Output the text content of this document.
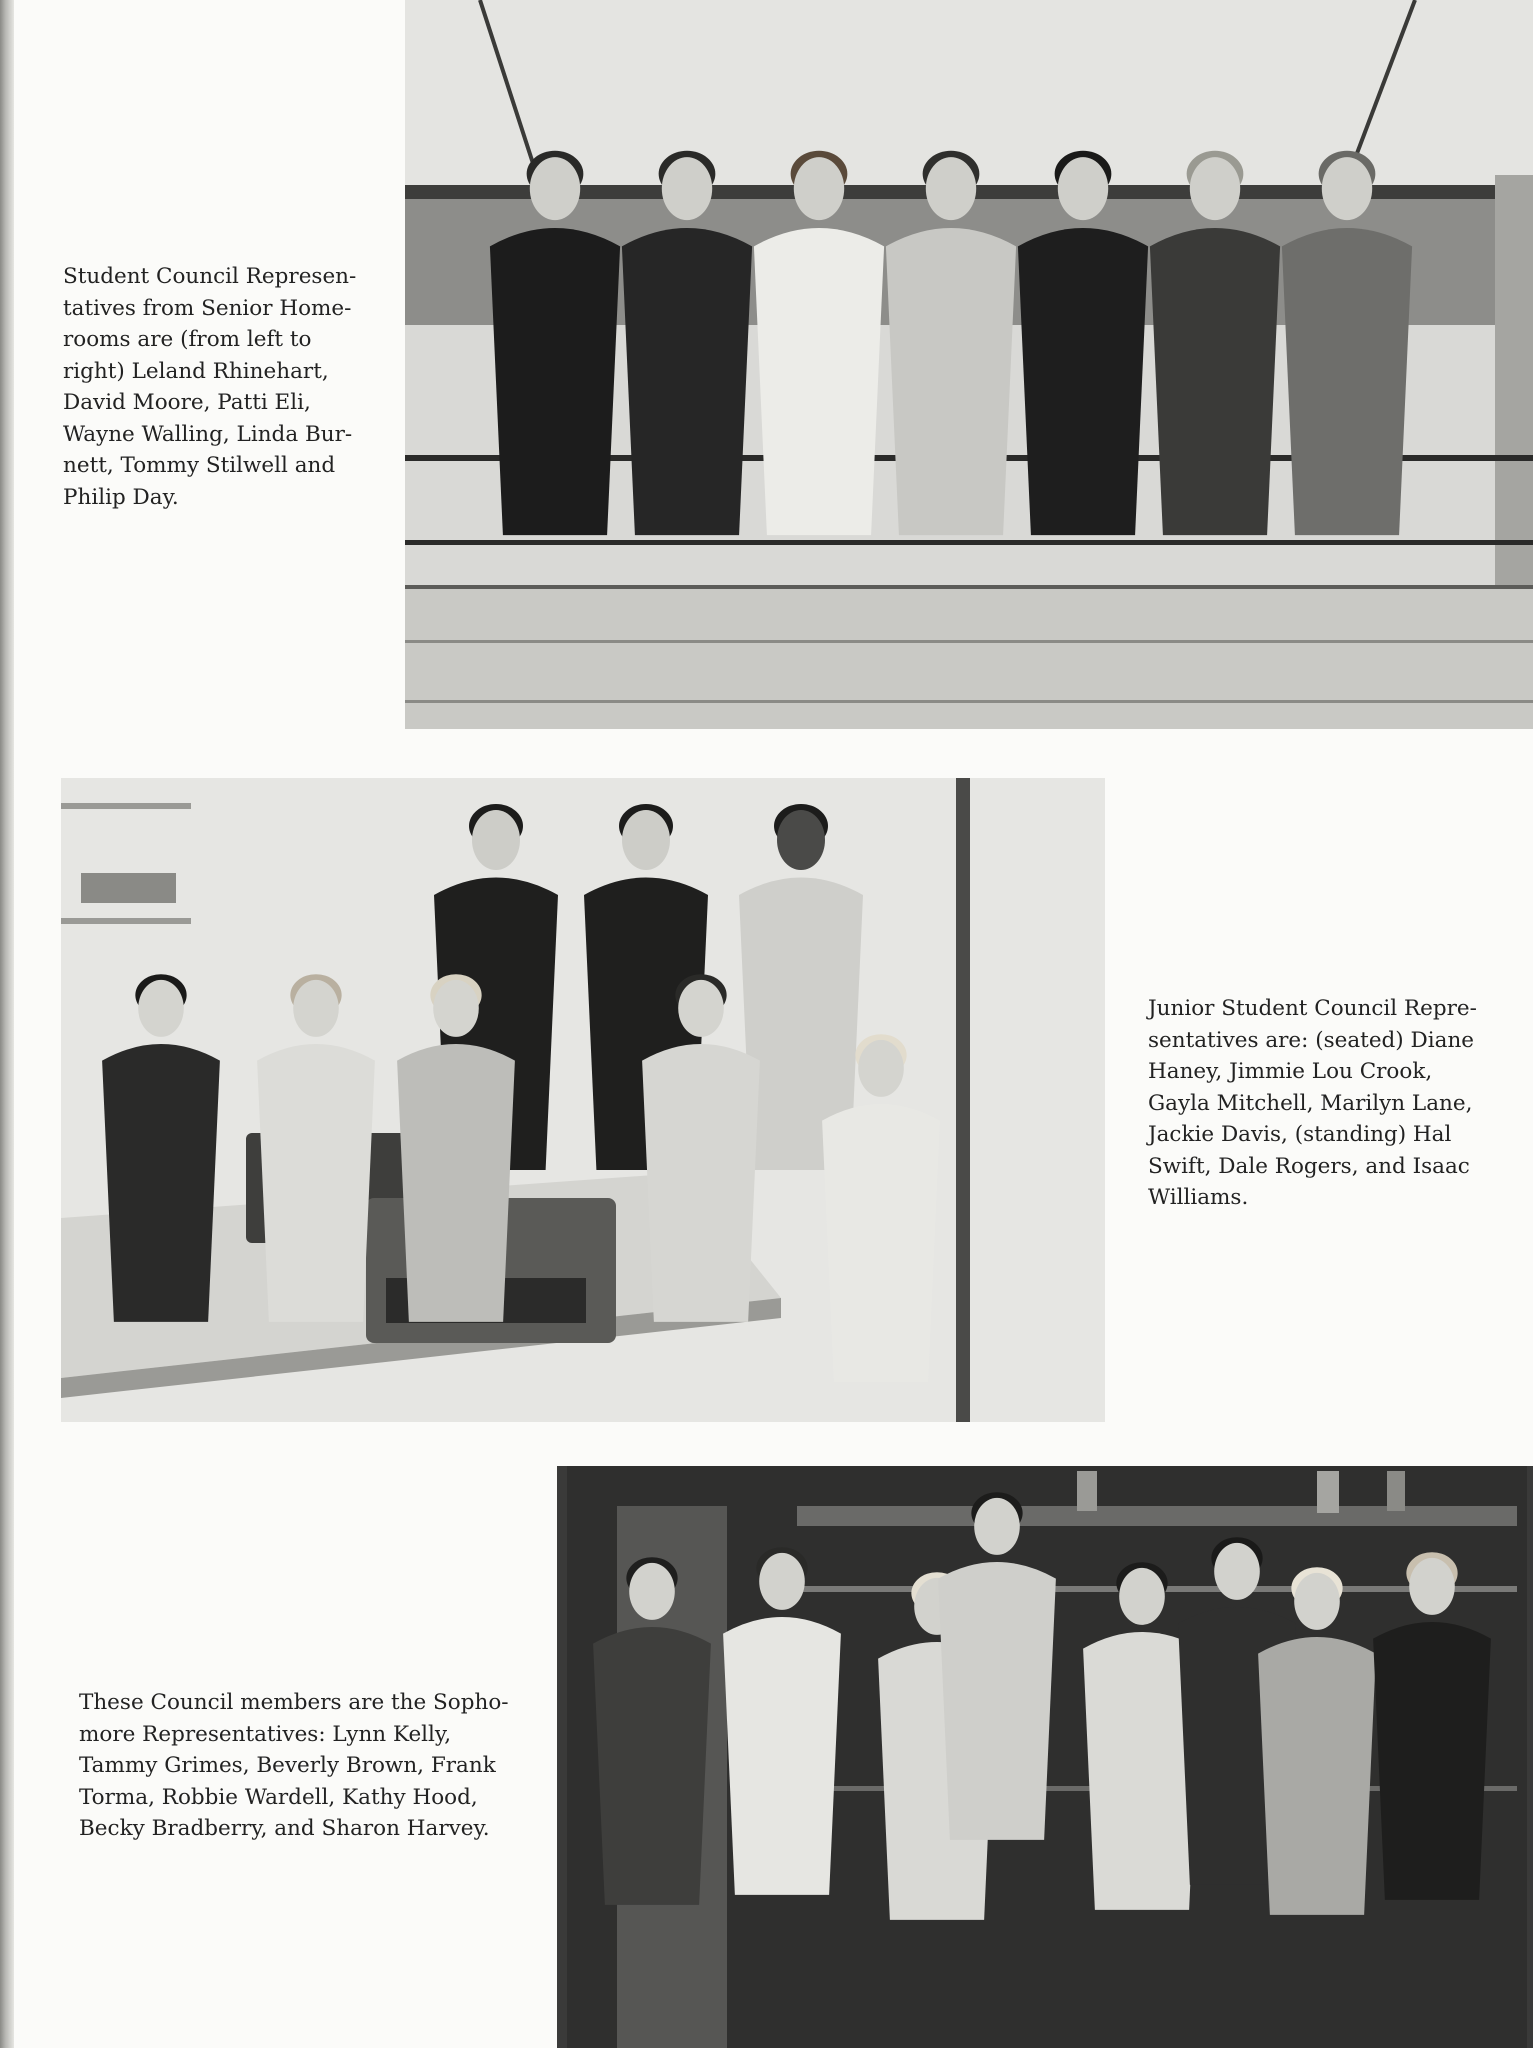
Student Council Represen-
tatives from Senior Home-
rooms are (from left to
right) Leland Rhinehart,
David Moore, Patti Eli,
Wayne Walling, Linda Bur-
nett, Tommy Stilwell and
Philip Day.

Junior Student Council Repre-
sentatives are: (seated) Diane
Haney, Jimmie Lou Crook,
Gayla Mitchell, Marilyn Lane,
Jackie Davis, (standing) Hal
Swift, Dale Rogers, and Isaac
Williams.

These Council members are the Sopho-
more Representatives: Lynn Kelly,
Tammy Grimes, Beverly Brown, Frank
Torma, Robbie Wardell, Kathy Hood,
Becky Bradberry, and Sharon Harvey.
